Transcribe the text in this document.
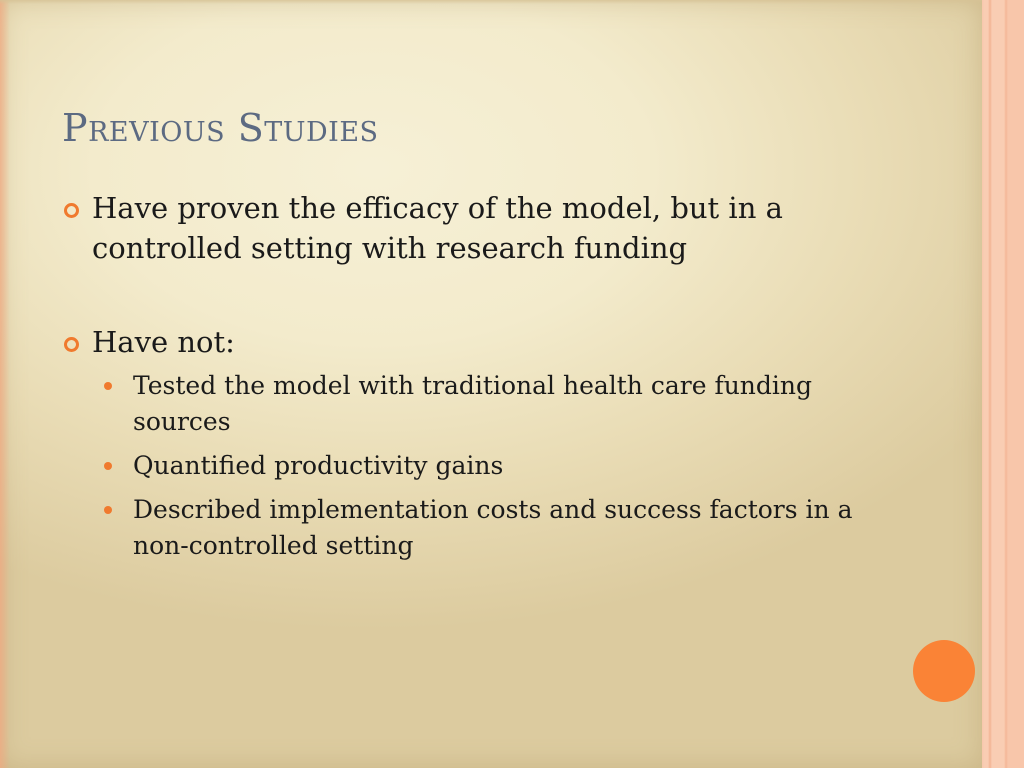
Previous Studies
Have proven the efficacy of the model, but in a controlled setting with research funding
Have not:
Tested the model with traditional health care funding sources
Quantified productivity gains
Described implementation costs and success factors in a non-controlled setting
